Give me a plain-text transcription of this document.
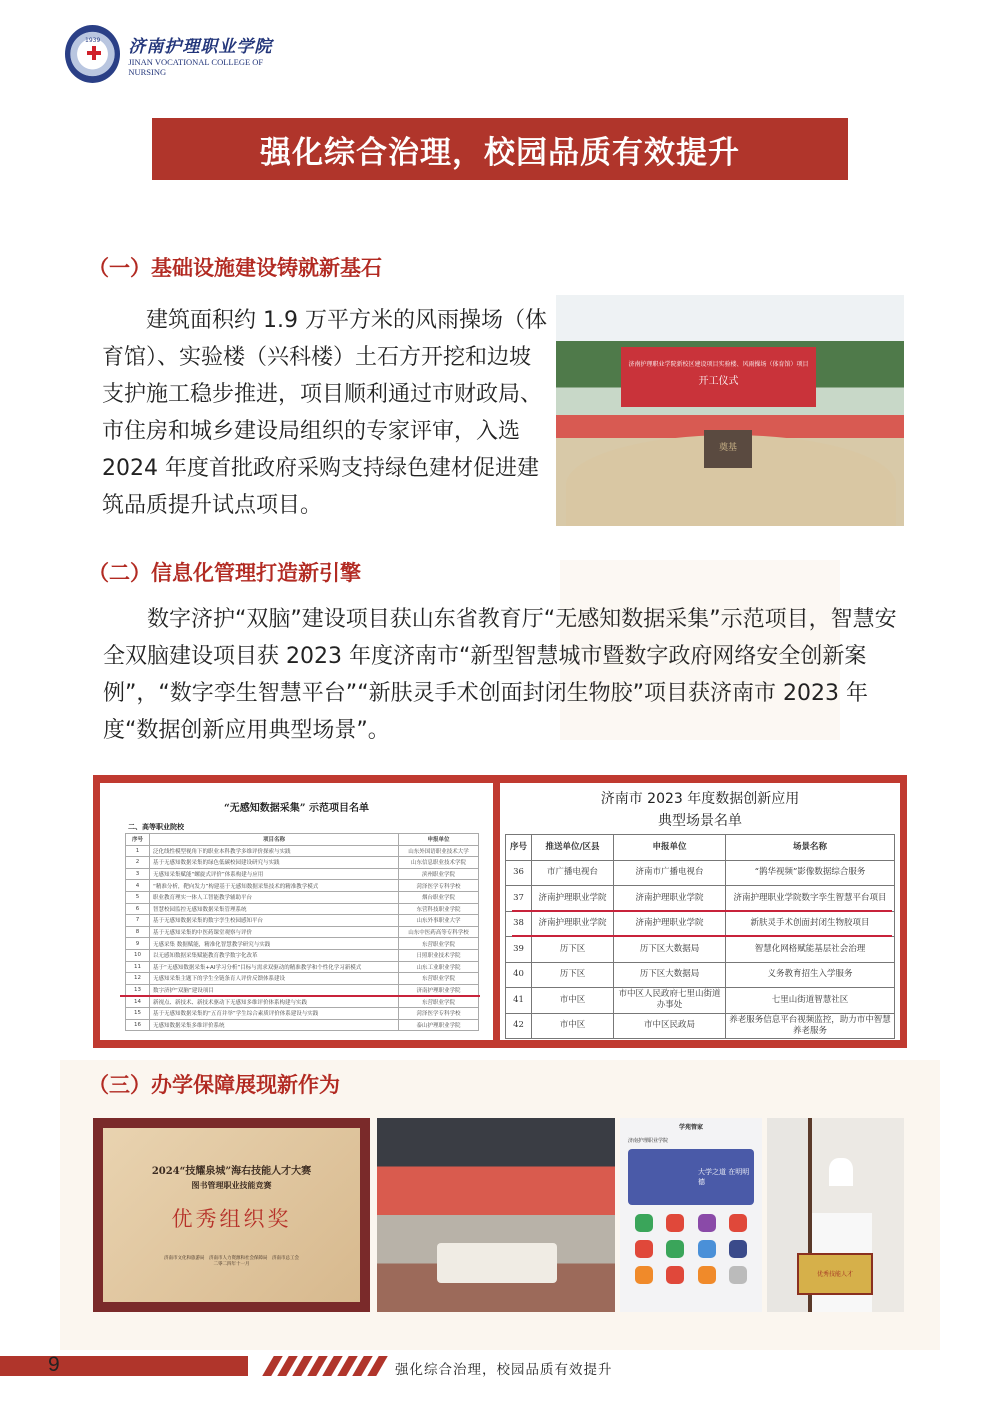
1939	济南护理职业学院
JINAN VOCATIONAL COLLEGE OF NURSING
强化综合治理，校园品质有效提升
（一）基础设施建设铸就新基石
建筑面积约 1.9 万平方米的风雨操场（体育馆）、实验楼（兴科楼）土石方开挖和边坡支护施工稳步推进，项目顺利通过市财政局、市住房和城乡建设局组织的专家评审，入选 2024 年度首批政府采购支持绿色建材促进建筑品质提升试点项目。
济南护理职业学院新校区建设项目实验楼、风雨操场（体育馆）项目
开工仪式
奠基
（二）信息化管理打造新引擎
数字济护“双脑”建设项目获山东省教育厅“无感知数据采集”示范项目，智慧安全双脑建设项目获 2023 年度济南市“新型智慧城市暨数字政府网络安全创新案例”，“数字孪生智慧平台”“新肤灵手术创面封闭生物胶”项目获济南市 2023 年度“数据创新应用典型场景”。
“无感知数据采集” 示范项目名单
二、高等职业院校
序号	项目名称	申报单位
1	泛化线性模型视角下的职业本科教学多维评价探索与实践	山东外国语职业技术大学
2	基于无感知数据采集的绿色低碳校园建设研究与实践	山东信息职业技术学院
3	无感知采集赋能“螺旋式评价”体系构建与应用	滨州职业学院
4	“精准分析，靶向发力”构建基于无感知数据采集技术的精准教学模式	菏泽医学专科学校
5	职业教育理实一体人工智能教学辅助平台	烟台职业学院
6	智慧校园监控无感知数据采集管理系统	东营科技职业学院
7	基于无感知数据采集的数字孪生校园感知平台	山东外事职业大学
8	基于无感知采集的中医药课堂观察与评价	山东中医药高等专科学校
9	无感采集 数据赋能，精准化智慧教学研究与实践	东营职业学院
10	以无感知数据采集赋能教育教学数字化改革	日照职业技术学院
11	基于“无感知数据采集+AI学习分析”目标与需求双驱动的精准教学和个性化学习新模式	山东工业职业学院
12	无感知采集主题下的学生全链条育人评价反馈体系建设	东营职业学院
13	数字济护“双脑”建设项目	济南护理职业学院
14	新视点、新技术、新技术驱动下无感知多维评价体系构建与实践	东营职业学院
15	基于无感知数据采集的“五育并举”学生综合素质评价体系建设与实践	菏泽医学专科学校
16	无感知数据采集多维评价系统	泰山护理职业学院
济南市 2023 年度数据创新应用
典型场景名单
序号	推送单位/区县	申报单位	场景名称
36	市广播电视台	济南市广播电视台	“鹊华视频”影像数据综合服务
37	济南护理职业学院	济南护理职业学院	济南护理职业学院数字孪生智慧平台项目
38	济南护理职业学院	济南护理职业学院	新肤灵手术创面封闭生物胶项目
39	历下区	历下区大数据局	智慧化网格赋能基层社会治理
40	历下区	历下区大数据局	义务教育招生入学服务
41	市中区	市中区人民政府七里山街道办事处	七里山街道智慧社区
42	市中区	市中区民政局	养老服务信息平台视频监控，助力市中智慧养老服务
（三）办学保障展现新作为
2024“技耀泉城”海右技能人才大赛
图书管理职业技能竞赛
优秀组织奖
济南市文化和旅游局　济南市人力资源和社会保障局　济南市总工会
二零二四年十一月
学苑管家
济南护理职业学院
大学之道 在明明德
优秀技能人才
9	强化综合治理，校园品质有效提升
